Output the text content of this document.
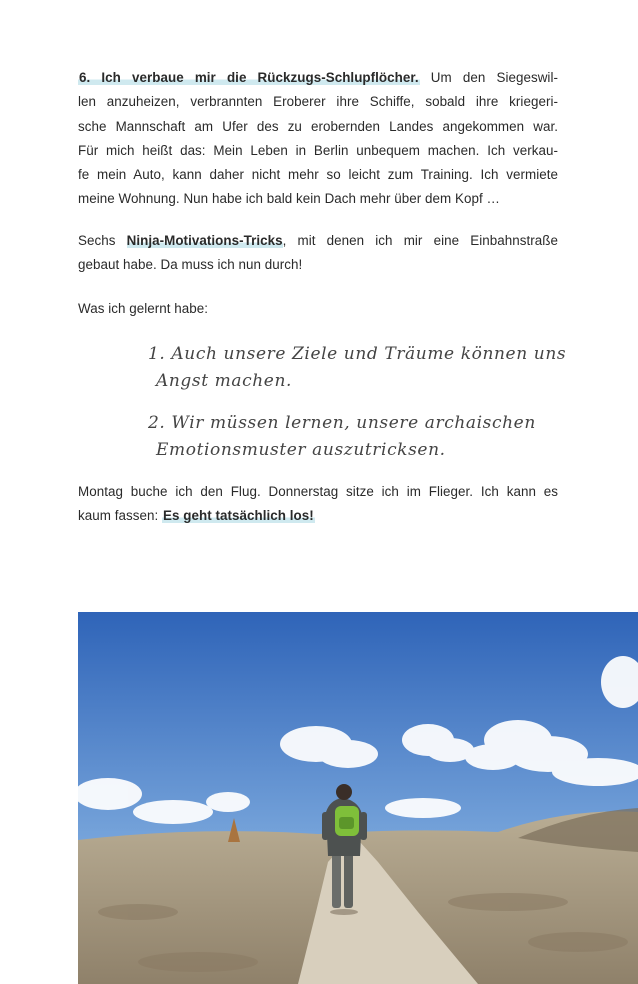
6. Ich verbaue mir die Rückzugs-Schlupflöcher. Um den Siegeswil-
len anzuheizen, verbrannten Eroberer ihre Schiffe, sobald ihre kriegeri-
sche Mannschaft am Ufer des zu erobernden Landes angekommen war.
Für mich heißt das: Mein Leben in Berlin unbequem machen. Ich verkau-
fe mein Auto, kann daher nicht mehr so leicht zum Training. Ich vermiete
meine Wohnung. Nun habe ich bald kein Dach mehr über dem Kopf …

Sechs Ninja-Motivations-Tricks, mit denen ich mir eine Einbahnstraße
gebaut habe. Da muss ich nun durch!

Was ich gelernt habe:

1. Auch unsere Ziele und Träume können uns
Angst machen.
2. Wir müssen lernen, unsere archaischen
Emotionsmuster auszutricksen.

Montag buche ich den Flug. Donnerstag sitze ich im Flieger. Ich kann es
kaum fassen: Es geht tatsächlich los!
